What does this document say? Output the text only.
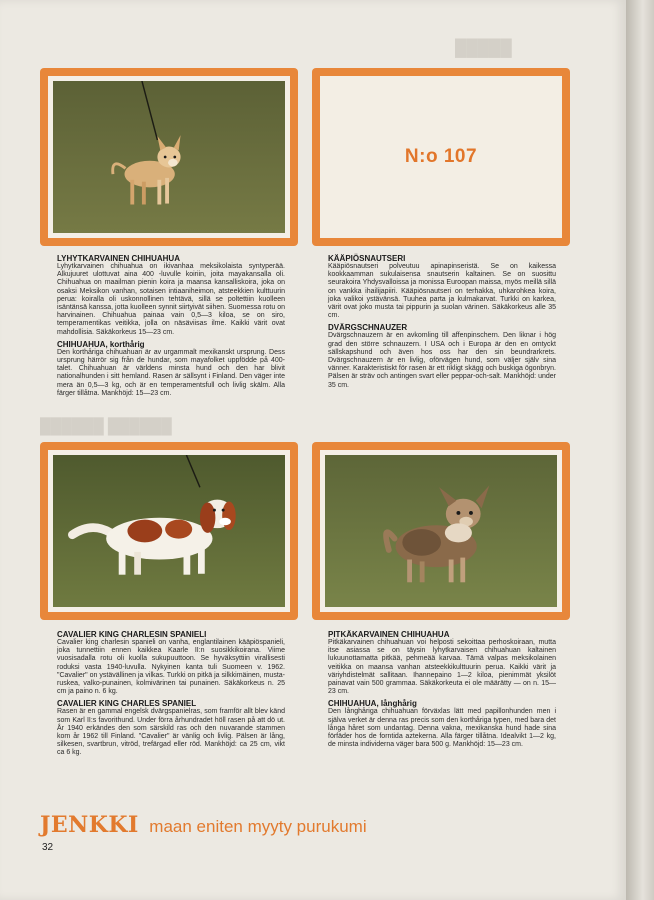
█████
██████ ██████
N:o 107
LYHYTKARVAINEN CHIHUAHUA

Lyhytkarvainen chihuahua on ikivanhaa meksikolaista syntyperää. Alkujuuret ulottuvat aina 400 -luvulle koiriin, joita mayakansalla oli. Chihuahua on maailman pienin koira ja maansa kansalliskoira, joka on osaksi Meksikon vanhan, sotaisen intiaaniheimon, atsteekkien kulttuurin perua: koiralla oli uskonnollinen tehtävä, sillä se poltettiin kuolleen isäntänsä kanssa, jotta kuolleen synnit siirtyivät siihen. Suomessa rotu on harvinainen. Chihuahua painaa vain 0,5—3 kiloa, se on siro, temperamentikas veitikka, jolla on näsäviisas ilme. Kaikki värit ovat mahdollisia. Säkäkorkeus 15—23 cm.

CHIHUAHUA, korthårig

Den korthåriga chihuahuan är av urgammalt mexikanskt ursprung. Dess ursprung härrör sig från de hundar, som mayafolket uppfödde på 400-talet. Chihuahuan är världens minsta hund och den har blivit nationalhunden i sitt hemland. Rasen är sällsynt i Finland. Den väger inte mera än 0,5—3 kg, och är en temperamentsfull och livlig skälm. Alla färger tillåtna. Mankhöjd: 15—23 cm.

KÄÄPIÖSNAUTSERI

Kääpiösnautseri polveutuu apinapinseristä. Se on kaikessa kookkaamman sukulaisensa snautserin kaltainen. Se on suosittu seurakoira Yhdysvalloissa ja monissa Euroopan maissa, myös meillä sillä on vankka ihailijapiiri. Kääpiösnautseri on terhakka, uhkarohkea koira, joka valikoi ystävänsä. Tuuhea parta ja kulmakarvat. Turkki on karkea, värit ovat joko musta tai pippurin ja suolan värinen. Säkäkorkeus alle 35 cm.

DVÄRGSCHNAUZER

Dvärgschnauzern är en avkomling till affenpinschern. Den liknar i hög grad den större schnauzern. I USA och i Europa är den en omtyckt sällskapshund och även hos oss har den sin beundrarkrets. Dvärgschnauzern är en livlig, oförvägen hund, som väljer själv sina vänner. Karakteristiskt för rasen är ett rikligt skägg och buskiga ögonbryn. Pälsen är sträv och antingen svart eller peppar-och-salt. Mankhöjd: under 35 cm.

CAVALIER KING CHARLESIN SPANIELI

Cavalier king charlesin spanieli on vanha, englantilainen kääpiöspanieli, joka tunnettiin ennen kaikkea Kaarle II:n suosikkikoirana. Viime vuosisadalla rotu oli kuolla sukupuuttoon. Se hyväksyttiin virallisesti roduksi vasta 1940-luvulla. Nykyinen kanta tuli Suomeen v. 1962. "Cavalier" on ystävällinen ja vilkas. Turkki on pitkä ja silkkimäinen, musta-ruskea, valko-punainen, kolmivärinen tai punainen. Säkäkorkeus n. 25 cm ja paino n. 6 kg.

CAVALIER KING CHARLES SPANIEL

Rasen är en gammal engelsk dvärgspanielras, som framför allt blev känd som Karl II:s favorithund. Under förra århundradet höll rasen på att dö ut. År 1940 erkändes den som särskild ras och den nuvarande stammen kom år 1962 till Finland. "Cavalier" är vänlig och livlig. Pälsen är lång, silkesen, svartbrun, vitröd, trefärgad eller röd. Mankhöjd: ca 25 cm, vikt ca 6 kg.

PITKÄKARVAINEN CHIHUAHUA

Pitkäkarvainen chihuahuan voi helposti sekoittaa perhoskoiraan, mutta itse asiassa se on täysin lyhytkarvaisen chihuahuan kaltainen lukuunottamatta pitkää, pehmeää karvaa. Tämä valpas meksikolainen veitikka on maansa vanhan atsteekkikulttuurin perua. Kaikki värit ja väriyhdistelmät sallitaan. Ihannepaino 1—2 kiloa, pienimmät yksilöt painavat vain 500 grammaa. Säkäkorkeuta ei ole määrätty — on n. 15—23 cm.

CHIHUAHUA, långhårig

Den långhåriga chihuahuan förväxlas lätt med papillonhunden men i själva verket är denna ras precis som den korthåriga typen, med bara det långa håret som undantag. Denna vakna, mexikanska hund hade sina förfäder hos de forntida aztekerna. Alla färger tillåtna. Idealvikt 1—2 kg, de minsta individerna väger bara 500 g. Mankhöjd: 15—23 cm.

JENKKI maan eniten myyty purukumi
32
